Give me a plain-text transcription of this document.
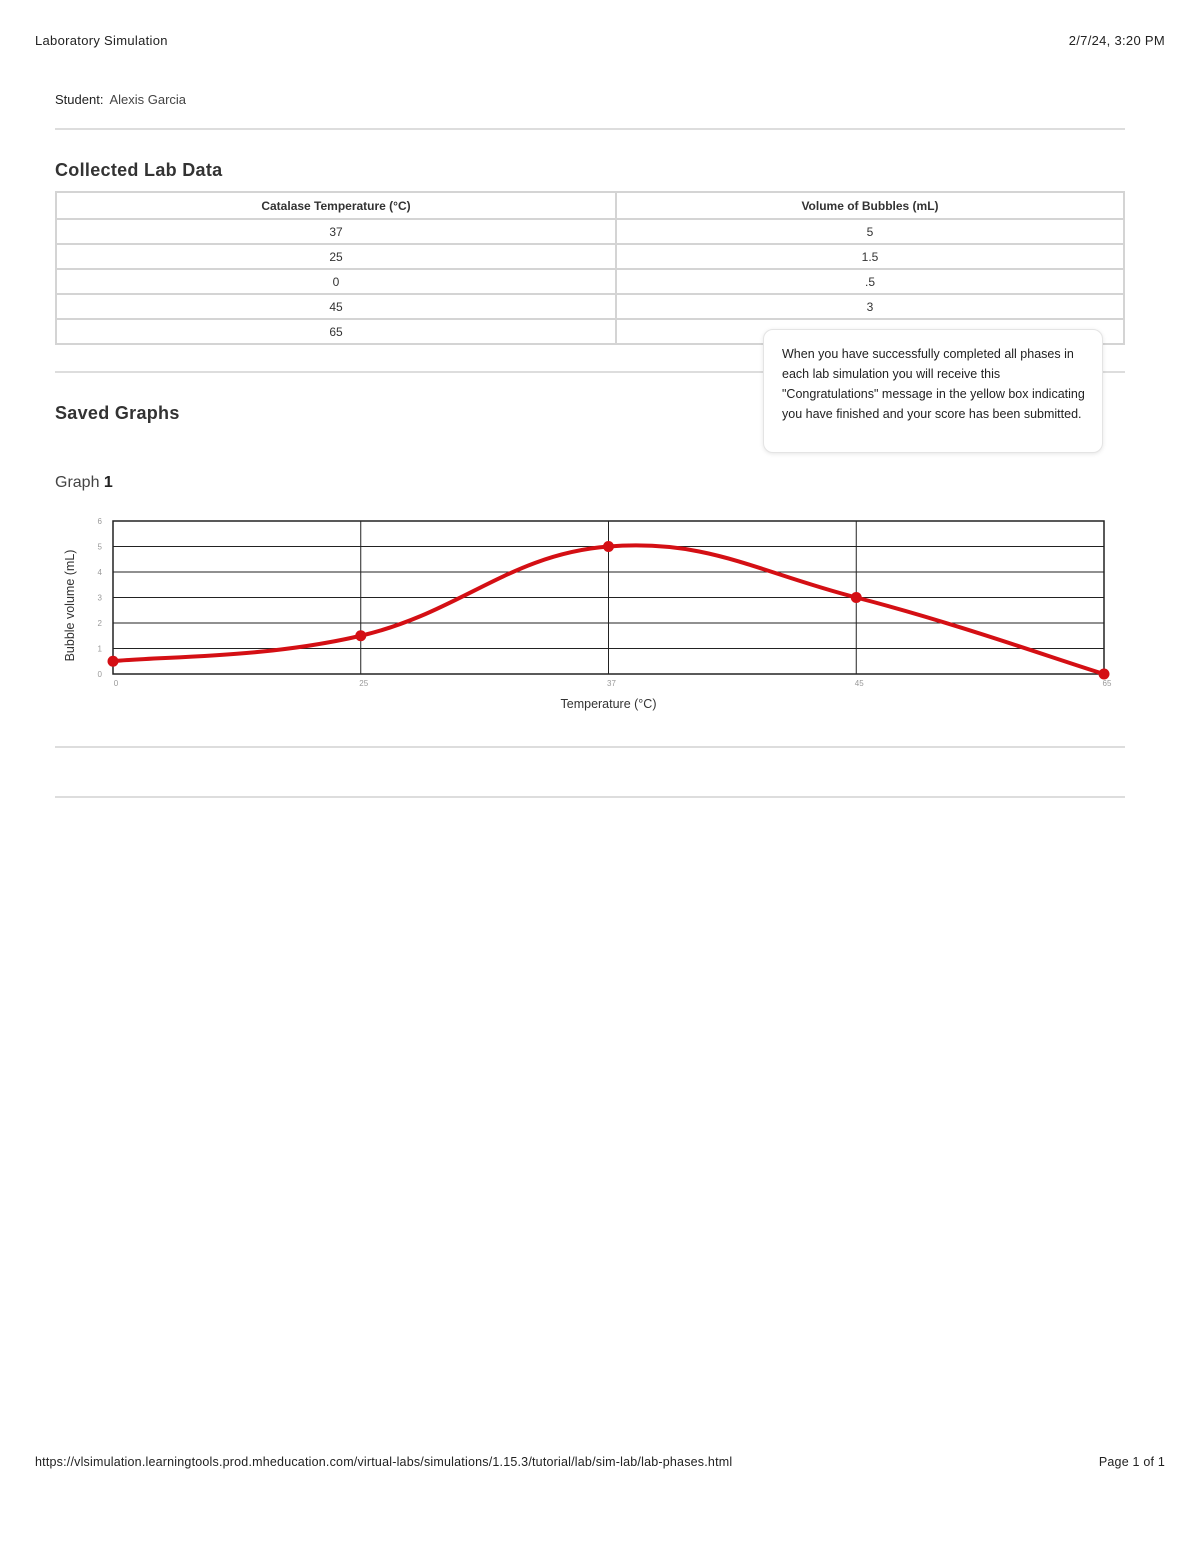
Laboratory Simulation	2/7/24, 3:20 PM
Student: Alexis Garcia
Collected Lab Data
Catalase Temperature (°C)	Volume of Bubbles (mL)
37	5
25	1.5
0	.5
45	3
65	
Saved Graphs
Graph 1
0
1
2
3
4
5
6
0	25	37	45	65
Temperature (°C)
Bubble volume (mL)
When you have successfully completed all phases in each lab simulation you will receive this "Congratulations" message in the yellow box indicating you have finished and your score has been submitted.
https://vlsimulation.learningtools.prod.mheducation.com/virtual-labs/simulations/1.15.3/tutorial/lab/sim-lab/lab-phases.html	Page 1 of 1
